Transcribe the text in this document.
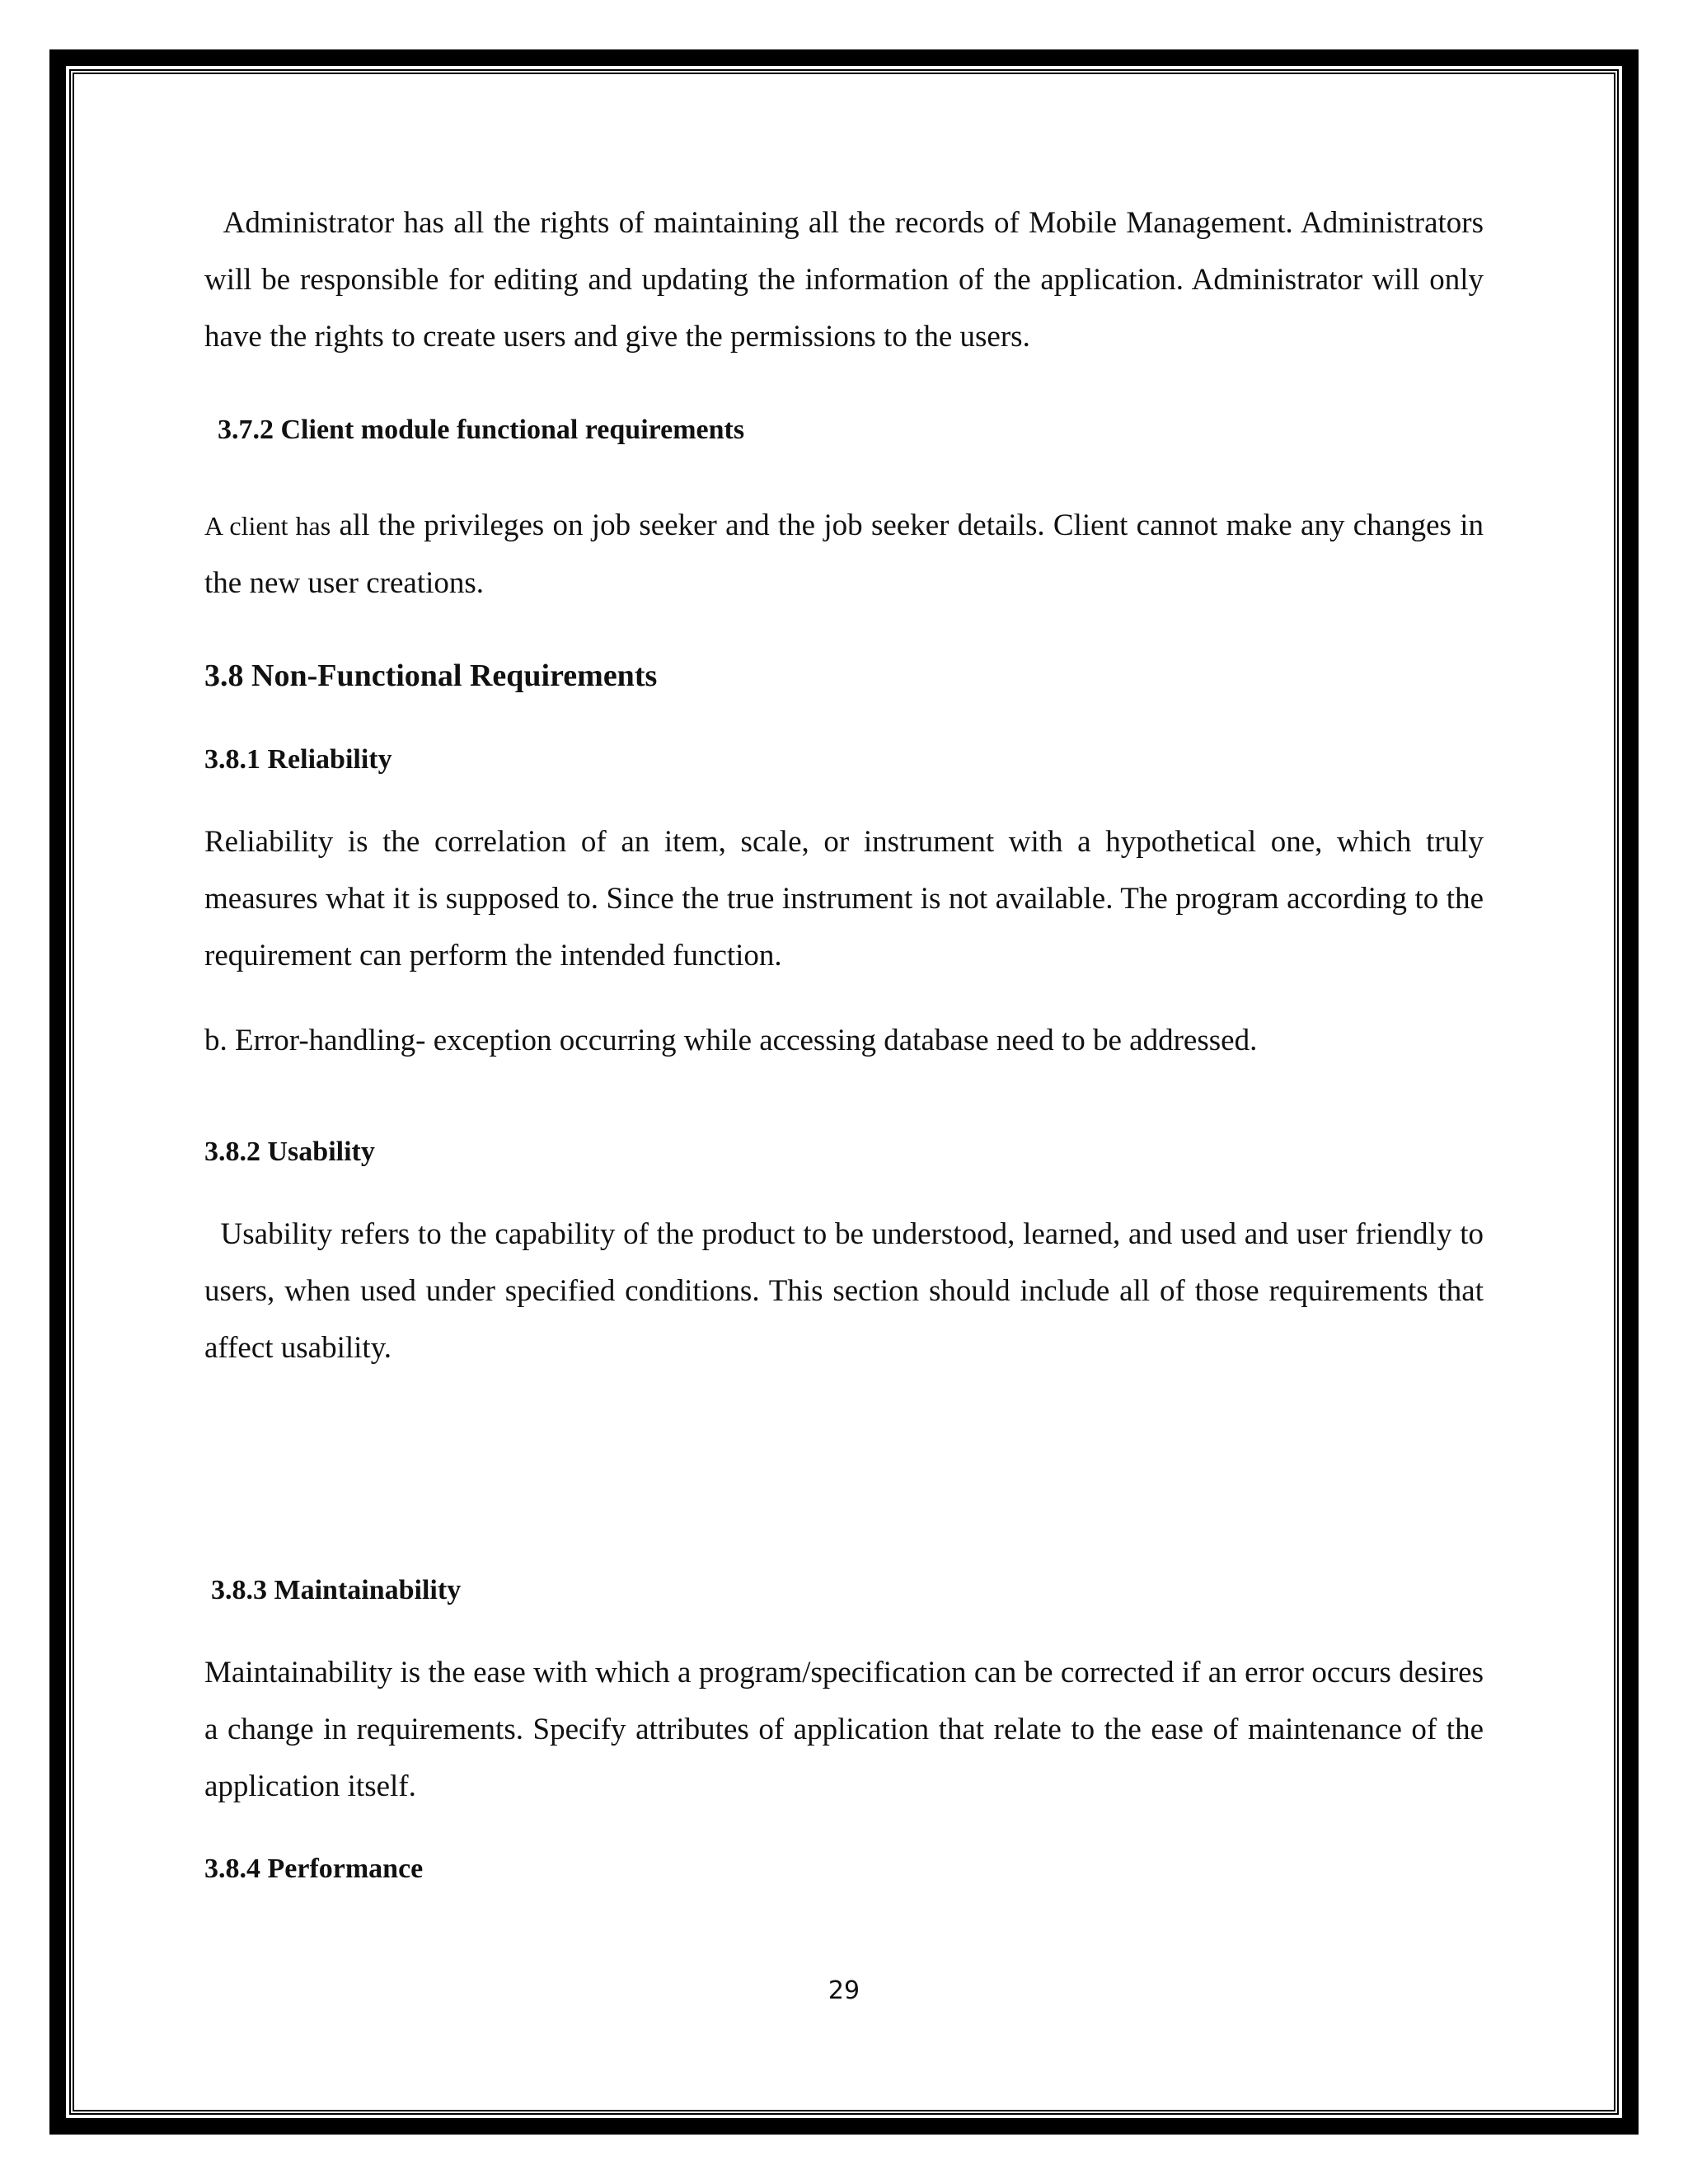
Administrator has all the rights of maintaining all the records of Mobile Management. Administrators will be responsible for editing and updating the information of the application. Administrator will only have the rights to create users and give the permissions to the users.

3.7.2 Client module functional requirements

A client has all the privileges on job seeker and the job seeker details. Client cannot make any changes in the new user creations.

3.8 Non-Functional Requirements
3.8.1 Reliability

Reliability is the correlation of an item, scale, or instrument with a hypothetical one, which truly measures what it is supposed to. Since the true instrument is not available. The program according to the requirement can perform the intended function.

b. Error-handling- exception occurring while accessing database need to be addressed.

3.8.2 Usability

Usability refers to the capability of the product to be understood, learned, and used and user friendly to users, when used under specified conditions. This section should include all of those requirements that affect usability.

3.8.3 Maintainability

Maintainability is the ease with which a program/specification can be corrected if an error occurs desires a change in requirements. Specify attributes of application that relate to the ease of maintenance of the application itself.

3.8.4 Performance
29
